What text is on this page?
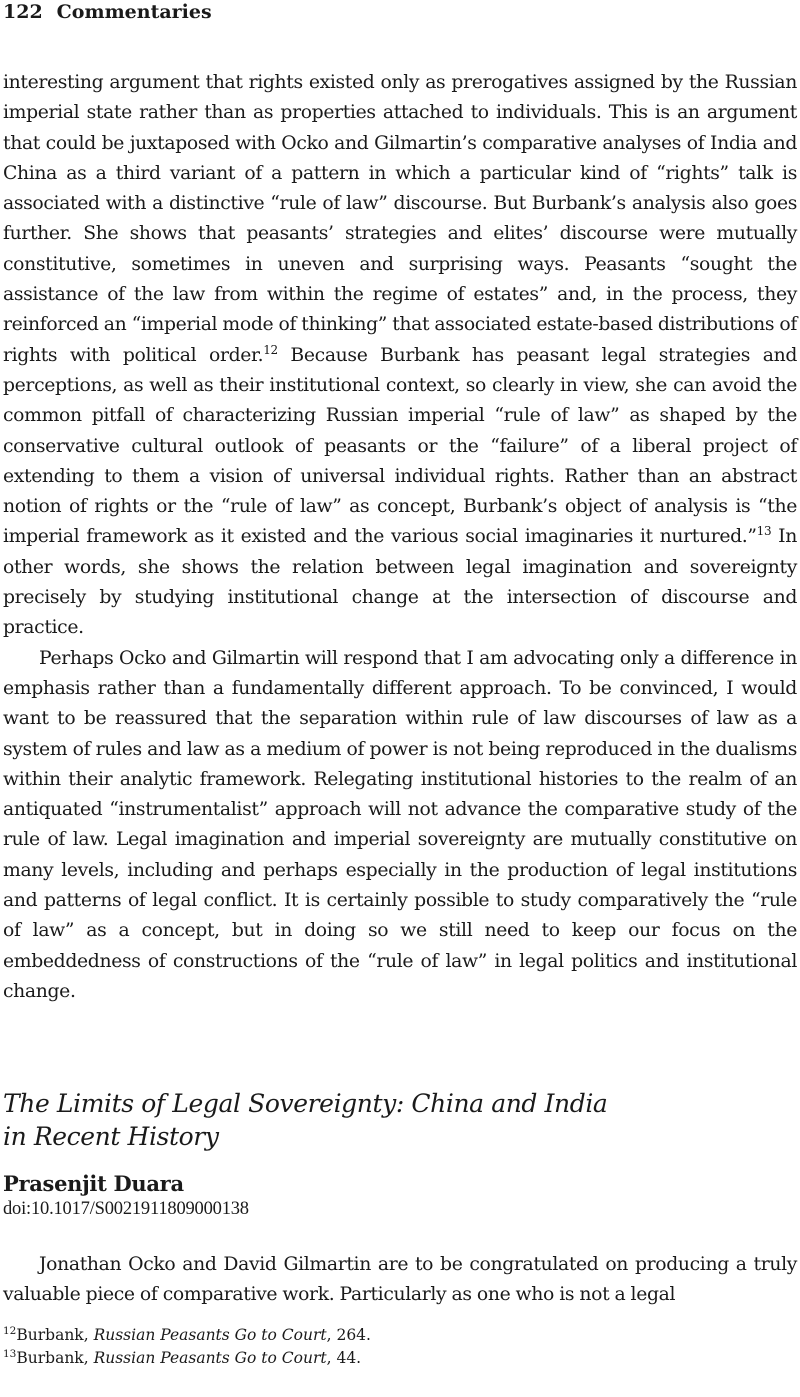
122 Commentaries

interesting argument that rights existed only as prerogatives assigned by the Russian imperial state rather than as properties attached to individuals. This is an argument that could be juxtaposed with Ocko and Gilmartin’s comparative analyses of India and China as a third variant of a pattern in which a particular kind of “rights” talk is associated with a distinctive “rule of law” discourse. But Burbank’s analysis also goes further. She shows that peasants’ strategies and elites’ discourse were mutually constitutive, sometimes in uneven and surprising ways. Peasants “sought the assistance of the law from within the regime of estates” and, in the process, they reinforced an “imperial mode of thinking” that associated estate-based distributions of rights with political order.$^{12}$ Because Burbank has peasant legal strategies and perceptions, as well as their institutional context, so clearly in view, she can avoid the common pitfall of characterizing Russian imperial “rule of law” as shaped by the conservative cultural outlook of peasants or the “failure” of a liberal project of extending to them a vision of universal individual rights. Rather than an abstract notion of rights or the “rule of law” as concept, Burbank’s object of analysis is “the imperial framework as it existed and the various social imaginaries it nurtured.”$^{13}$ In other words, she shows the relation between legal imagination and sovereignty precisely by studying institutional change at the intersection of discourse and practice.

Perhaps Ocko and Gilmartin will respond that I am advocating only a difference in emphasis rather than a fundamentally different approach. To be convinced, I would want to be reassured that the separation within rule of law discourses of law as a system of rules and law as a medium of power is not being reproduced in the dualisms within their analytic framework. Relegating institutional histories to the realm of an antiquated “instrumentalist” approach will not advance the comparative study of the rule of law. Legal imagination and imperial sovereignty are mutually constitutive on many levels, including and perhaps especially in the production of legal institutions and patterns of legal conflict. It is certainly possible to study comparatively the “rule of law” as a concept, but in doing so we still need to keep our focus on the embeddedness of constructions of the “rule of law” in legal politics and institutional change.

The Limits of Legal Sovereignty: China and India
in Recent History
Prasenjit Duara
doi:10.1017/S0021911809000138

Jonathan Ocko and David Gilmartin are to be congratulated on producing a truly valuable piece of comparative work. Particularly as one who is not a legal

$^{12}$Burbank, Russian Peasants Go to Court, 264.
$^{13}$Burbank, Russian Peasants Go to Court, 44.
